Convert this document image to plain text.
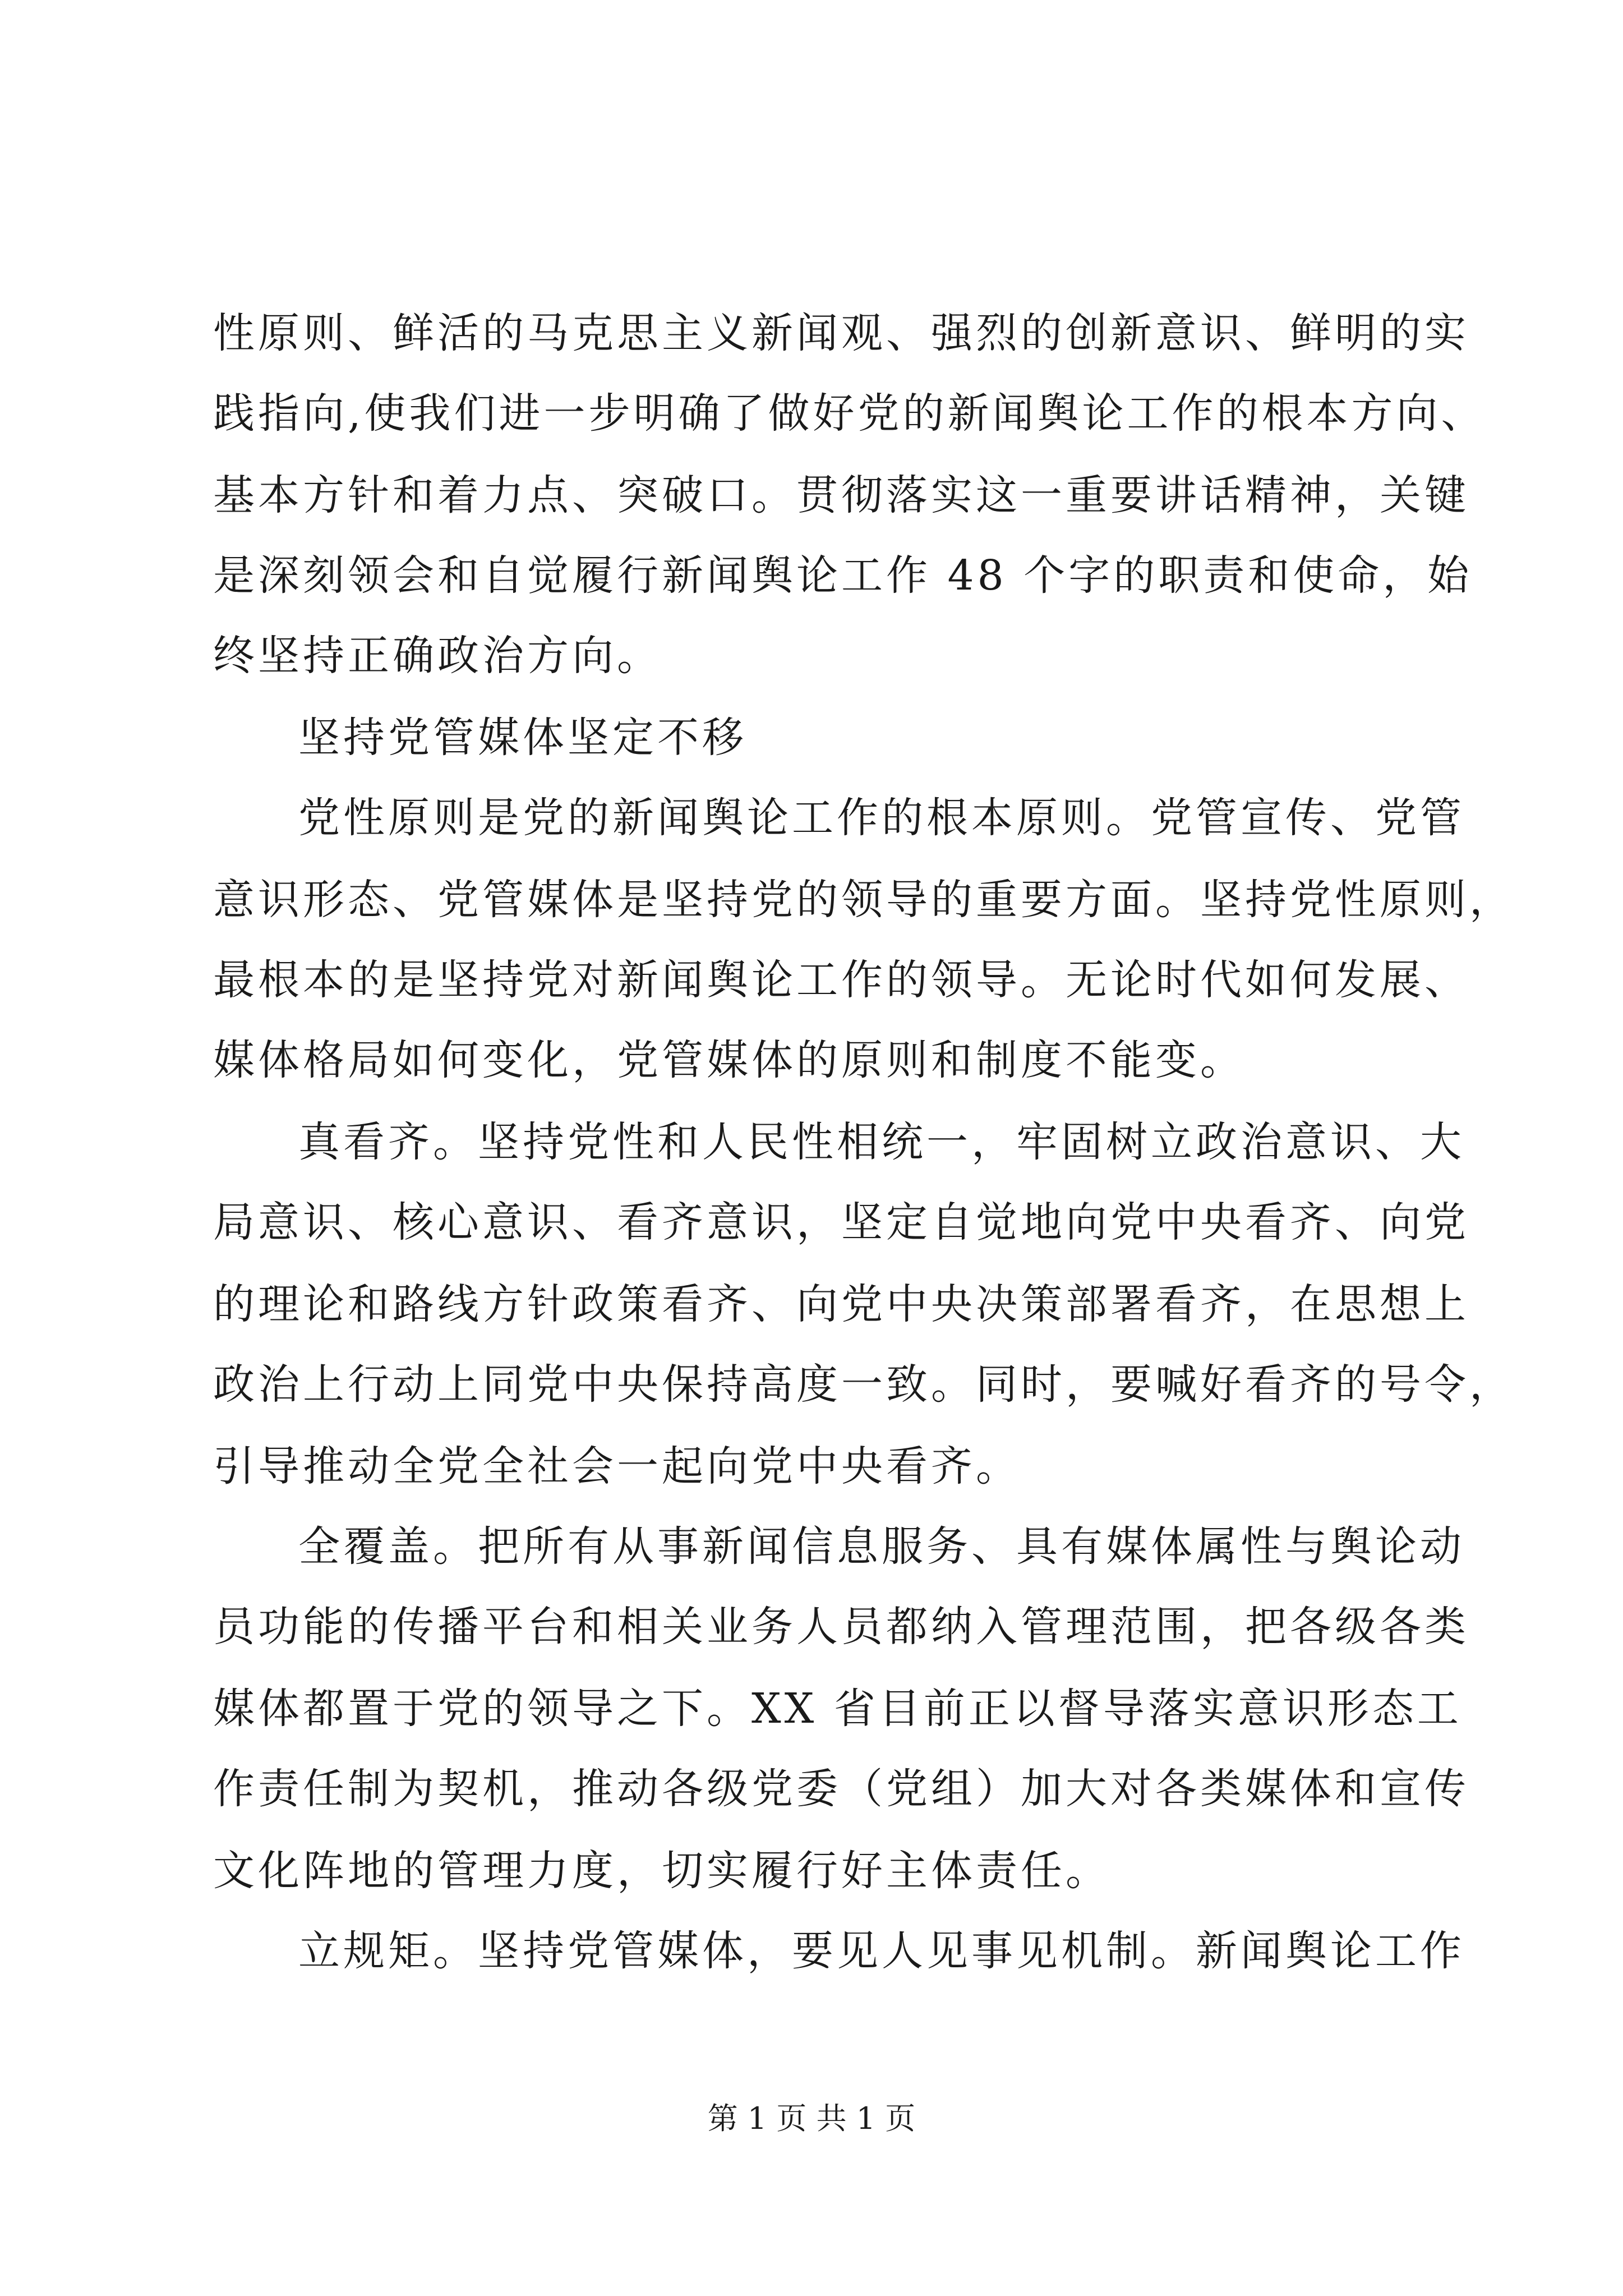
性原则、鲜活的马克思主义新闻观、强烈的创新意识、鲜明的实
践指向,使我们进一步明确了做好党的新闻舆论工作的根本方向、
基本方针和着力点、突破口。贯彻落实这一重要讲话精神，关键
是深刻领会和自觉履行新闻舆论工作 48 个字的职责和使命，始
终坚持正确政治方向。
坚持党管媒体坚定不移
党性原则是党的新闻舆论工作的根本原则。党管宣传、党管
意识形态、党管媒体是坚持党的领导的重要方面。坚持党性原则，
最根本的是坚持党对新闻舆论工作的领导。无论时代如何发展、
媒体格局如何变化，党管媒体的原则和制度不能变。
真看齐。坚持党性和人民性相统一，牢固树立政治意识、大
局意识、核心意识、看齐意识，坚定自觉地向党中央看齐、向党
的理论和路线方针政策看齐、向党中央决策部署看齐，在思想上
政治上行动上同党中央保持高度一致。同时，要喊好看齐的号令，
引导推动全党全社会一起向党中央看齐。
全覆盖。把所有从事新闻信息服务、具有媒体属性与舆论动
员功能的传播平台和相关业务人员都纳入管理范围，把各级各类
媒体都置于党的领导之下。XX 省目前正以督导落实意识形态工
作责任制为契机，推动各级党委（党组）加大对各类媒体和宣传
文化阵地的管理力度，切实履行好主体责任。
立规矩。坚持党管媒体，要见人见事见机制。新闻舆论工作
第 1 页 共 1 页
